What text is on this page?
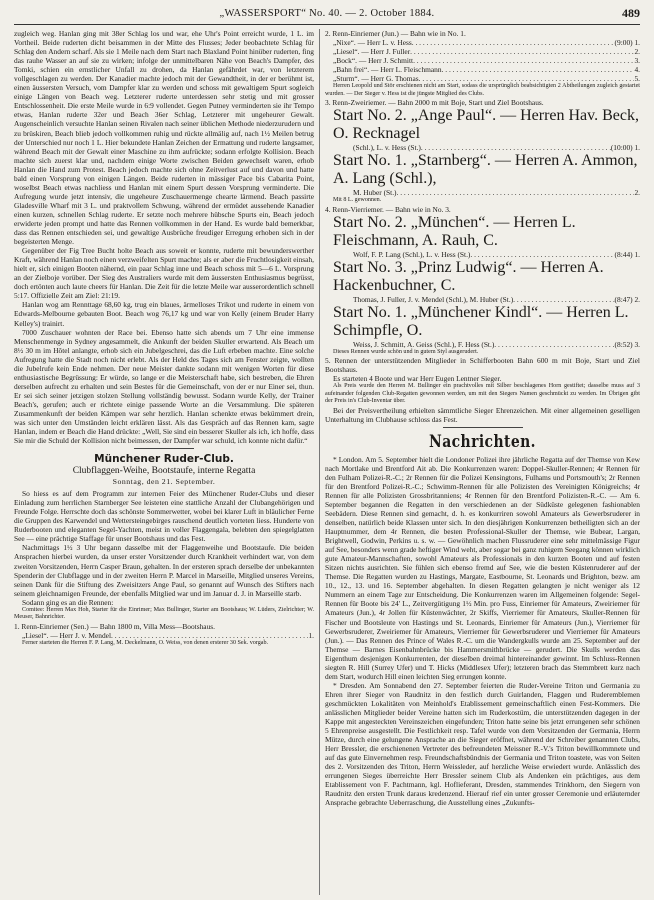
„WASSERSPORT“ No. 40. — 2. October 1884.	489

zugleich weg. Hanlan ging mit 38er Schlag los und war, ehe Uhr's Point erreicht wurde, 1 L. im Vortheil. Beide ruderten dicht beisammen in der Mitte des Flusses; Jeder beobachtete Schlag für Schlag den Andern scharf. Als sie 1 Meile nach dem Start nach Blaxland Point hinüber ruderten, fing das rauhe Wasser an auf sie zu wirken; infolge der unmittelbaren Nähe von Beach's Dampfer, des Tomki, schien ein ernstlicher Unfall zu drohen, da Hanlan gefährdet war, von letzterem vollgeschlagen zu werden. Der Kanadier machte jedoch mit der Gewandtheit, in der er berühmt ist, einen äussersten Versuch, vom Dampfer klar zu werden und schoss mit gewaltigem Spurt sogleich einige Längen von Beach weg. Letzterer ruderte unterdessen sehr stetig und mit grosser Entschlossenheit. Die erste Meile wurde in 6:9 vollendet. Gegen Putney verminderten sie ihr Tempo etwas, Hanlan ruderte 32er und Beach 36er Schlag, Letzterer mit ungeheurer Gewalt. Augenscheinlich versuchte Hanlan seinen Rivalen nach seiner üblichen Methode niederzurudern und zu brüskiren, Beach blieb jedoch vollkommen ruhig und rückte allmälig auf, nach 1½ Meilen betrug der Unterschied nur noch 1 L. Hier bekundete Hanlan Zeichen der Ermattung und ruderte langsamer, während Beach mit der Gewalt einer Maschine zu ihm aufrückte; sodann erfolgte Kollision. Beach machte sich zuerst klar und, nachdem einige Worte zwischen Beiden gewechselt waren, erhob Hanlan die Hand zum Protest. Beach jedoch machte sich ohne Zeitverlust auf und davon und hatte bald einen Vorsprung von einigen Längen. Beide ruderten in mässiger Pace bis Cabarita Point, woselbst Beach etwas nachliess und Hanlan mit einem Spurt dessen Vorsprung verminderte. Die Aufregung wurde jetzt intensiv, die ungeheure Zuschauermenge chearte lärmend. Beach passirte Gladesville Wharf mit 3 L. und praktvollem Schwung, während der ermüdet aussehende Kanadier einen kurzen, schnellen Schlag ruderte. Er setzte noch mehrere hübsche Spurts ein, Beach jedoch erwiderte jeden prompt und hatte das Rennen vollkommen in der Hand. Es wurde bald bemerkbar, dass das Rennen entschieden sei, und gewaltige Ausbrüche freudiger Erregung erhoben sich in der begeisterten Menge.

Gegenüber der Fig Tree Bucht holte Beach aus soweit er konnte, ruderte mit bewunderswerther Kraft, während Hanlan noch einen verzweifelten Spurt machte; als er aber die Fruchtlosigkeit einsah, hielt er, sich einigen Booten nähernd, ein paar Schlag inne und Beach schoss mit 5—6 L. Vorsprung an der Zielboje vorüber. Der Sieg des Australiers wurde mit dem äussersten Enthusiasmus begrüsst, doch ertönten auch laute cheers für Hanlan. Die Zeit für die letzte Meile war ausserordentlich schnell 5:17. Offizielle Zeit am Ziel: 21:19.

Hanlan wog am Rennttage 68,60 kg, trug ein blaues, ärmelloses Trikot und ruderte in einem von Edwards-Melbourne gebauten Boot. Beach wog 76,17 kg und war von Kelly (einem Bruder Harry Kelley's) trainirt.

7000 Zuschauer wohnten der Race bei. Ebenso hatte sich abends um 7 Uhr eine immense Menschenmenge in Sydney angesammelt, die Ankunft der beiden Skuller erwartend. Als Beach um 8½ 30 m im Hôtel anlangte, erhob sich ein Jubelgeschrei, das die Luft erbeben machte. Eine solche Aufregung hatte die Stadt noch nicht erlebt. Als der Held des Tages sich am Fenster zeigte, wollten die Jubelrufe kein Ende nehmen. Der neue Meister dankte sodann mit wenigen Worten für diese enthusiastische Begrüssung: Er würde, so lange er die Meisterschaft habe, sich bestreben, die Ehren derselben aufrecht zu erhalten und sein Bestes für die Gemeinschaft, von der er nur Einer sei, thun. Er sei sich seiner jetzigen stolzen Stellung vollständig bewusst. Sodann wurde Kelly, der Trainer Beach's, gerufen; auch er richtete einige passende Worte an die Versammlung. Die späteren Zusammenkunft der beiden Kämpen war sehr herzlich. Hanlan schenkte etwas bekümmert drein, was sich unter den Umständen leicht erklären lässt. Als das Gespräch auf das Rennen kam, sagte Hanlan, indem er Beach die Hand drückte: „Well, Sie sind ein besserer Skuller als ich, ich hoffe, dass Sie mir die Schuld der Kollision nicht beimessen, der Dampfer war schuld, ich konnte nicht dafür.“

Münchener Ruder-Club.
Clubflaggen-Weihe, Bootstaufe, interne Regatta
Sonntag, den 21. September.

So hiess es auf dem Programm zur internen Feier des Münchener Ruder-Clubs und dieser Einladung zum herrlichen Starnberger See leisteten eine stattliche Anzahl der Clubangehörigen und Freunde Folge. Herrschte doch das schönste Sommerwetter, wobei bei klarer Luft in bläulicher Ferne die Gruppen des Karwendel und Wettersteingebirges rauschend deutlich vorteten liess. Hunderte von Ruderbooten und eleganten Segel-Yachten, meist in voller Flaggengala, belebten den spiegelglatten See — eine prächtige Staffage für unser Bootshaus und das Fest.

Nachmittags 1½ 3 Uhr begann dasselbe mit der Flaggenweihe und Bootstaufe. Die beiden Ansprachen hierbei wurden, da unser erster Vorsitzender durch Krankheit verhindert war, von dem zweiten Vorsitzenden, Herrn Casper Braun, gehalten. In der ersteren sprach derselbe der unbekannten Spenderin der Clubflagge und in der zweiten Herrn P. Marcel in Marseille, Mitglied unseres Vereins, seinen Dank für die Stiftung des Zweisitzers Ange Paul, so genannt auf Wunsch des Stifters nach seinem gleichnamigen Freunde, der ebenfalls Mitglied war und im Januar d. J. in Marseille starb.

Sodann ging es an die Rennen:

Comitee: Herren Max Hoh, Starter für die Einrimer; Max Bullinger, Starter am Bootshaus; W. Lüders, Zielrichter; W. Meuser, Bahnrichter.

1. Renn-Einriemer (Sen.) — Bahn 1800 m, Villa Mess—Bootshaus.
„Liesel“. — Herr J. v. Mendel . . .	1.

Ferner starteten die Herren F. P. Lang, M. Deckelmann, O. Weiss, von denen ersterer 30 Sek. vorgab.

2. Renn-Einriemer (Jun.) — Bahn wie in No. 1.
„Nixe“. — Herr L. v. Hess . . .	(9:00) 1.
„Liesel“. — Herr J. Fuller . . .	2.
„Bock“. — Herr J. Schmitt . . .	3.
„Bahn frei“. — Herr L. Fleischmann . . .	4.
„Sturm“. — Herr G. Thomas . . .	5.

Herren Leopold und Stör erschienen nicht am Start, sodass die ursprünglich beabsichtigten 2 Abtheilungen zugleich gestartet wurden. — Der Sieger v. Hess ist die jüngste Mitglied des Clubs.

3. Renn-Zweiriemer. — Bahn 2000 m mit Boje, Start und Ziel Bootshaus.
Start No. 2. „Ange Paul“. — Herren Hav. Beck, O. Recknagel
(Schl.), L. v. Hess (St.) . . .	(10:00) 1.
Start No. 1. „Starnberg“. — Herren A. Ammon, A. Lang (Schl.),
M. Huber (St.) . . .	2.

Mit 8 L. gewonnen.

4. Renn-Vierriemer. — Bahn wie in No. 3.
Start No. 2. „München“. — Herren L. Fleischmann, A. Rauh, C.
Wolf, F. P. Lang (Schl.), L. v. Hess (St.) . . .	(8:44) 1.
Start No. 3. „Prinz Ludwig“. — Herren A. Hackenbuchner, C.
Thomas, J. Fuller, J. v. Mendel (Schl.), M. Huber (St.) . . .	(8:47) 2.
Start No. 1. „Münchener Kindl“. — Herren L. Schimpfle, O.
Weiss, J. Schmitt, A. Geiss (Schl.), F. Hess (St.) . . .	(8:52) 3.

Dieses Rennen wurde schön und in gutem Styl ausgerudert.

5. Rennen der unterstützenden Mitglieder in Schifferbooten Bahn 600 m mit Boje, Start und Ziel Bootshaus.

Es starteten 4 Boote und war Herr Eugen Lentner Sieger.

Als Preis wurde den Herren M. Bullinger ein prachtvolles mit Silber beschlagenes Horn gestiftet; dasselbe muss auf 3 aufeinander folgenden Club-Regatten gewonnen werden, um mit den Siegers Namen geschmückt zu werden. Im Übrigen gibt der Preis in's Club-Inventar über.

Bei der Preisvertheilung erhielten sämmtliche Sieger Ehrenzeichen. Mit einer allgemeinen geselligen Unterhaltung im Clubhause schloss das Fest.

Nachrichten.

* London. Am 5. September hielt die Londoner Polizei ihre jährliche Regatta auf der Themse von Kew nach Mortlake und Brentford Ait ab. Die Konkurrenzen waren: Doppel-Skuller-Rennen; 4r Rennen für den Fulham Polizei-R.-C.; 2r Rennen für die Polizei Kensingtons, Fulhams und Portsmouth's; 2r Rennen für den Brentford Polizei-R.-C.; Schwimm-Rennen für alle Polizisten des Vereinigten Königreichs; 4r Rennen für alle Polizisten Grossbritanniens; 4r Rennen für den Brentford Polizisten-R.-C. — Am 6. September begannen die Regatten in den verschiedenen an der Südküste gelegenen fashionablen Seebädern. Diese Rennen sind gemacht, d. h. es konkurriren sowohl Amateurs als Gewerbsruderer in denselben, natürlich beide Klassen unter sich. In den diesjährigen Konkurrenzen betheiligten sich an der Hauptnummer, dem 4r Rennen, die besten Professional-Skuller der Themse, wie Bubear, Largan, Brightwell, Godwin, Perkins u. s. w. — Gewöhnlich machen Flussruderer eine sehr mittelmässige Figur auf See, besonders wenn grade heftiger Wind weht, aber sogar bei ganz ruhigem Seegang können wirklich gute Amateur-Mannschaften, sowohl Amateurs als Professionals in den kurzen Booten und auf festen Sitzen nichts ausrichten. Sie fühlen sich ebenso fremd auf See, wie die besten Küstenruderer auf der Themse. Die Regatten wurden zu Hastings, Margate, Eastbourne, St. Leonards und Brighton, bezw. am 10., 12., 13. und 16. September abgehalten. In diesen Regatten gelangten je nicht weniger als 12 Nummern an einem Tage zur Entscheidung. Die Konkurrenzen waren im Allgemeinen folgende: Segel-Rennen für Boote bis 24' L., Zeitvergütigung 1½ Min. pro Fuss, Einriemer für Amateurs, Zweiriemer für Amateurs (Jun.), 4r Jollen für Küstenwächter, 2r Skiffs, Vierriemer für Amateurs, Skuller-Rennen für Fischer und Bootsleute von Hastings und St. Leonards, Einriemer für Amateurs (Jun.), Vierriemer für Gewerbsruderer, Zweiriemer für Amateurs, Vierriemer für Gewerbsruderer und Vierriemer für Amateurs (Jun.). — Das Rennen des Prince of Wales R.-C. um die Wandergkulls wurde am 25. September auf der Themse — Barnes Eisenbahnbrücke bis Hammersmithbrücke — gerudert. Die Skulls werden das Eigenthum desjenigen Konkurrenten, der dieselben dreimal hintereinander gewinnt. Im Schluss-Rennen siegten R. Hill (Surrey Ufer) und T. Hicks (Middlesex Ufer); letzteren brach das Stemmbrett kurz nach dem Start, wodurch Hill einen leichten Sieg errungen konnte.

* Dresden. Am Sonnabend den 27. September feierten die Ruder-Vereine Triton und Germania zu Ehren ihrer Sieger von Raudnitz in den festlich durch Guirlanden, Flaggen und Ruderemblemen geschmückten Lokalitäten von Meinhold's Etablissement gemeinschaftlich einen Fest-Kommers. Die anlässlichen Mitglieder beider Vereine hatten sich im Ruderkostüm, die unterstützenden dagegen in der Kappe mit angesteckten Vereinszeichen eingefunden; Triton hatte seine bis jetzt errungenen sehr schönen 5 Ehrenpreise ausgestellt. Die Festlichkeit resp. Tafel wurde von dem Vorsitzenden der Germania, Herrn Mütze, durch eine gelungene Ansprache an die Sieger eröffnet, während der Schreiber genannten Clubs, Herr Bressler, die erschienenen Vertreter des befreundeten Meissner R.-V.'s Triton bewillkommnete und auf das gute Einvernehmen resp. Freundschaftsbündnis der Germania und Triton toastete, was von Seiten des 2. Vorsitzenden des Triton, Herrn Weissleder, auf herzliche Weise erwiedert wurde. Anlässlich des errungenen Sieges überreichte Herr Bressler seinem Club als Andenken ein prächtiges, aus dem Etablissement von F. Pachtmann, kgl. Hoflieferant, Dresden, stammendes Trinkhorn, den Siegern von Raudnitz den ersten Trunk daraus kredenzend. Hierauf rief ein unter grosser Ceremonie und erläuternder Ansprache gebrachte Ueberraschung, die Ausstellung eines „Zukunfts-
